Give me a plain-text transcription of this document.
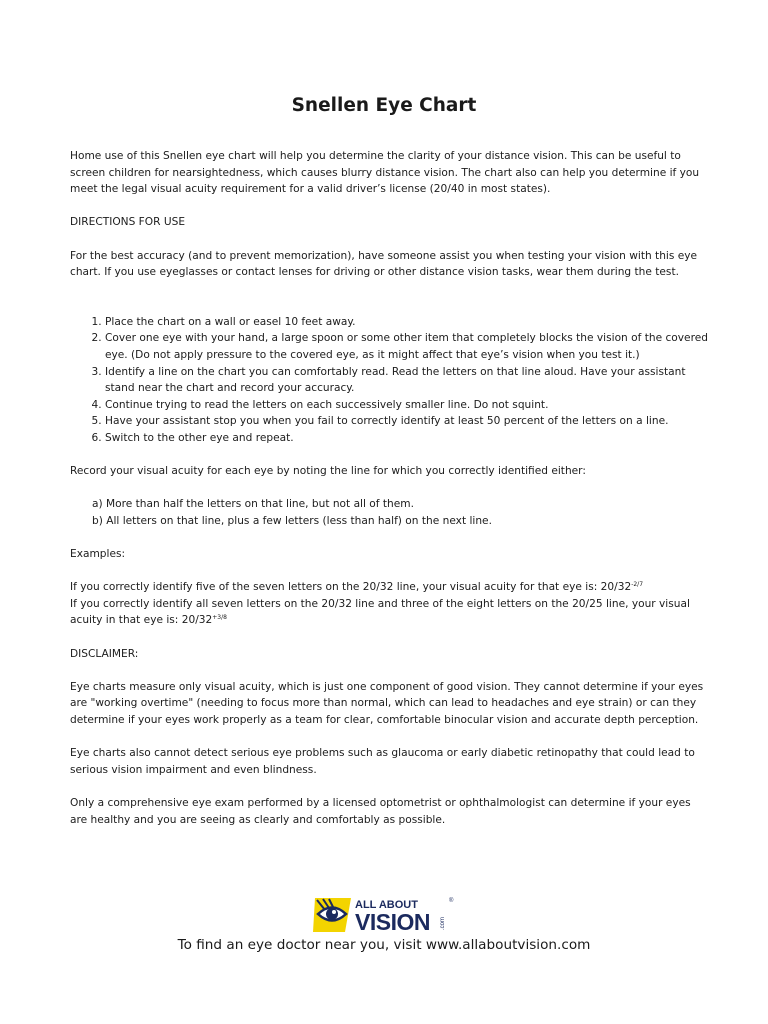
Snellen Eye Chart

Home use of this Snellen eye chart will help you determine the clarity of your distance vision. This can be useful to screen children for nearsightedness, which causes blurry distance vision. The chart also can help you determine if you meet the legal visual acuity requirement for a valid driver’s license (20/40 in most states).

DIRECTIONS FOR USE

For the best accuracy (and to prevent memorization), have someone assist you when testing your vision with this eye chart. If you use eyeglasses or contact lenses for driving or other distance vision tasks, wear them during the test.

1. Place the chart on a wall or easel 10 feet away.
2. Cover one eye with your hand, a large spoon or some other item that completely blocks the vision of the covered eye. (Do not apply pressure to the covered eye, as it might affect that eye’s vision when you test it.)
3. Identify a line on the chart you can comfortably read. Read the letters on that line aloud. Have your assistant stand near the chart and record your accuracy.
4. Continue trying to read the letters on each successively smaller line. Do not squint.
5. Have your assistant stop you when you fail to correctly identify at least 50 percent of the letters on a line.
6. Switch to the other eye and repeat.

Record your visual acuity for each eye by noting the line for which you correctly identified either:

a) More than half the letters on that line, but not all of them.
b) All letters on that line, plus a few letters (less than half) on the next line.

Examples:

If you correctly identify five of the seven letters on the 20/32 line, your visual acuity for that eye is: $20/32^{-2/7}$

If you correctly identify all seven letters on the 20/32 line and three of the eight letters on the 20/25 line, your visual acuity in that eye is: $20/32^{+3/8}$

DISCLAIMER:

Eye charts measure only visual acuity, which is just one component of good vision. They cannot determine if your eyes are "working overtime" (needing to focus more than normal, which can lead to headaches and eye strain) or can they determine if your eyes work properly as a team for clear, comfortable binocular vision and accurate depth perception.

Eye charts also cannot detect serious eye problems such as glaucoma or early diabetic retinopathy that could lead to serious vision impairment and even blindness.

Only a comprehensive eye exam performed by a licensed optometrist or ophthalmologist can determine if your eyes are healthy and you are seeing as clearly and comfortably as possible.

ALL ABOUT
VISION .com
®
To find an eye doctor near you, visit www.allaboutvision.com
